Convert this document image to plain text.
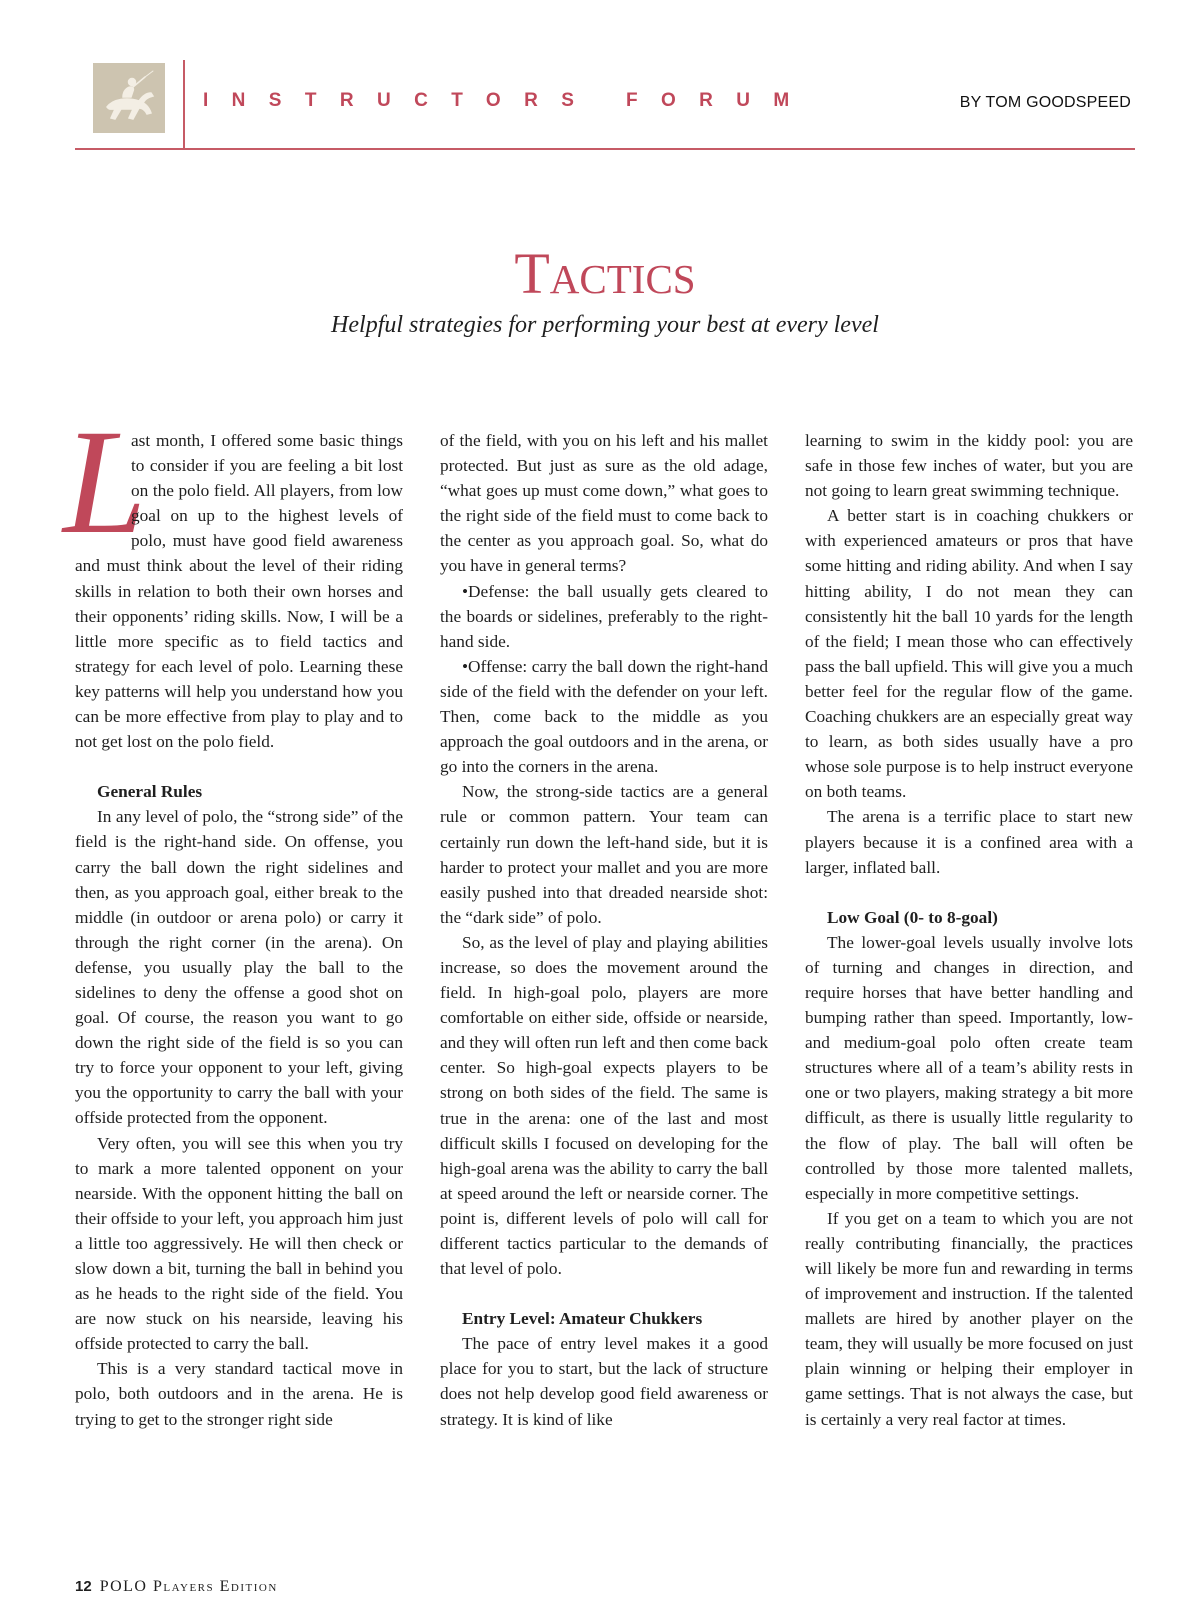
INSTRUCTORS FORUM	BY TOM GOODSPEED
Tactics
Helpful strategies for performing your best at every level

L
ast month, I offered some basic things to consider if you are feeling a bit lost on the polo field. All players, from low goal on up to the highest levels of polo, must have good field awareness and must think about the level of their riding skills in relation to both their own horses and their opponents’ riding skills. Now, I will be a little more specific as to field tactics and strategy for each level of polo. Learning these key patterns will help you understand how you can be more effective from play to play and to not get lost on the polo field.

General Rules

In any level of polo, the “strong side” of the field is the right-hand side. On offense, you carry the ball down the right sidelines and then, as you approach goal, either break to the middle (in outdoor or arena polo) or carry it through the right corner (in the arena). On defense, you usually play the ball to the sidelines to deny the offense a good shot on goal. Of course, the reason you want to go down the right side of the field is so you can try to force your opponent to your left, giving you the opportunity to carry the ball with your offside protected from the opponent.

Very often, you will see this when you try to mark a more talented opponent on your nearside. With the opponent hitting the ball on their offside to your left, you approach him just a little too aggressively. He will then check or slow down a bit, turning the ball in behind you as he heads to the right side of the field. You are now stuck on his nearside, leaving his offside protected to carry the ball.

This is a very standard tactical move in polo, both outdoors and in the arena. He is trying to get to the stronger right side

of the field, with you on his left and his mallet protected. But just as sure as the old adage, “what goes up must come down,” what goes to the right side of the field must to come back to the center as you approach goal. So, what do you have in general terms?

•Defense: the ball usually gets cleared to the boards or sidelines, preferably to the right-hand side.

•Offense: carry the ball down the right-hand side of the field with the defender on your left. Then, come back to the middle as you approach the goal outdoors and in the arena, or go into the corners in the arena.

Now, the strong-side tactics are a general rule or common pattern. Your team can certainly run down the left-hand side, but it is harder to protect your mallet and you are more easily pushed into that dreaded nearside shot: the “dark side” of polo.

So, as the level of play and playing abilities increase, so does the movement around the field. In high-goal polo, players are more comfortable on either side, offside or nearside, and they will often run left and then come back center. So high-goal expects players to be strong on both sides of the field. The same is true in the arena: one of the last and most difficult skills I focused on developing for the high-goal arena was the ability to carry the ball at speed around the left or nearside corner. The point is, different levels of polo will call for different tactics particular to the demands of that level of polo.

Entry Level: Amateur Chukkers

The pace of entry level makes it a good place for you to start, but the lack of structure does not help develop good field awareness or strategy. It is kind of like

learning to swim in the kiddy pool: you are safe in those few inches of water, but you are not going to learn great swimming technique.

A better start is in coaching chukkers or with experienced amateurs or pros that have some hitting and riding ability. And when I say hitting ability, I do not mean they can consistently hit the ball 10 yards for the length of the field; I mean those who can effectively pass the ball upfield. This will give you a much better feel for the regular flow of the game. Coaching chukkers are an especially great way to learn, as both sides usually have a pro whose sole purpose is to help instruct everyone on both teams.

The arena is a terrific place to start new players because it is a confined area with a larger, inflated ball.

Low Goal (0- to 8-goal)

The lower-goal levels usually involve lots of turning and changes in direction, and require horses that have better handling and bumping rather than speed. Importantly, low- and medium-goal polo often create team structures where all of a team’s ability rests in one or two players, making strategy a bit more difficult, as there is usually little regularity to the flow of play. The ball will often be controlled by those more talented mallets, especially in more competitive settings.

If you get on a team to which you are not really contributing financially, the practices will likely be more fun and rewarding in terms of improvement and instruction. If the talented mallets are hired by another player on the team, they will usually be more focused on just plain winning or helping their employer in game settings. That is not always the case, but is certainly a very real factor at times.

12 POLO Players Edition
